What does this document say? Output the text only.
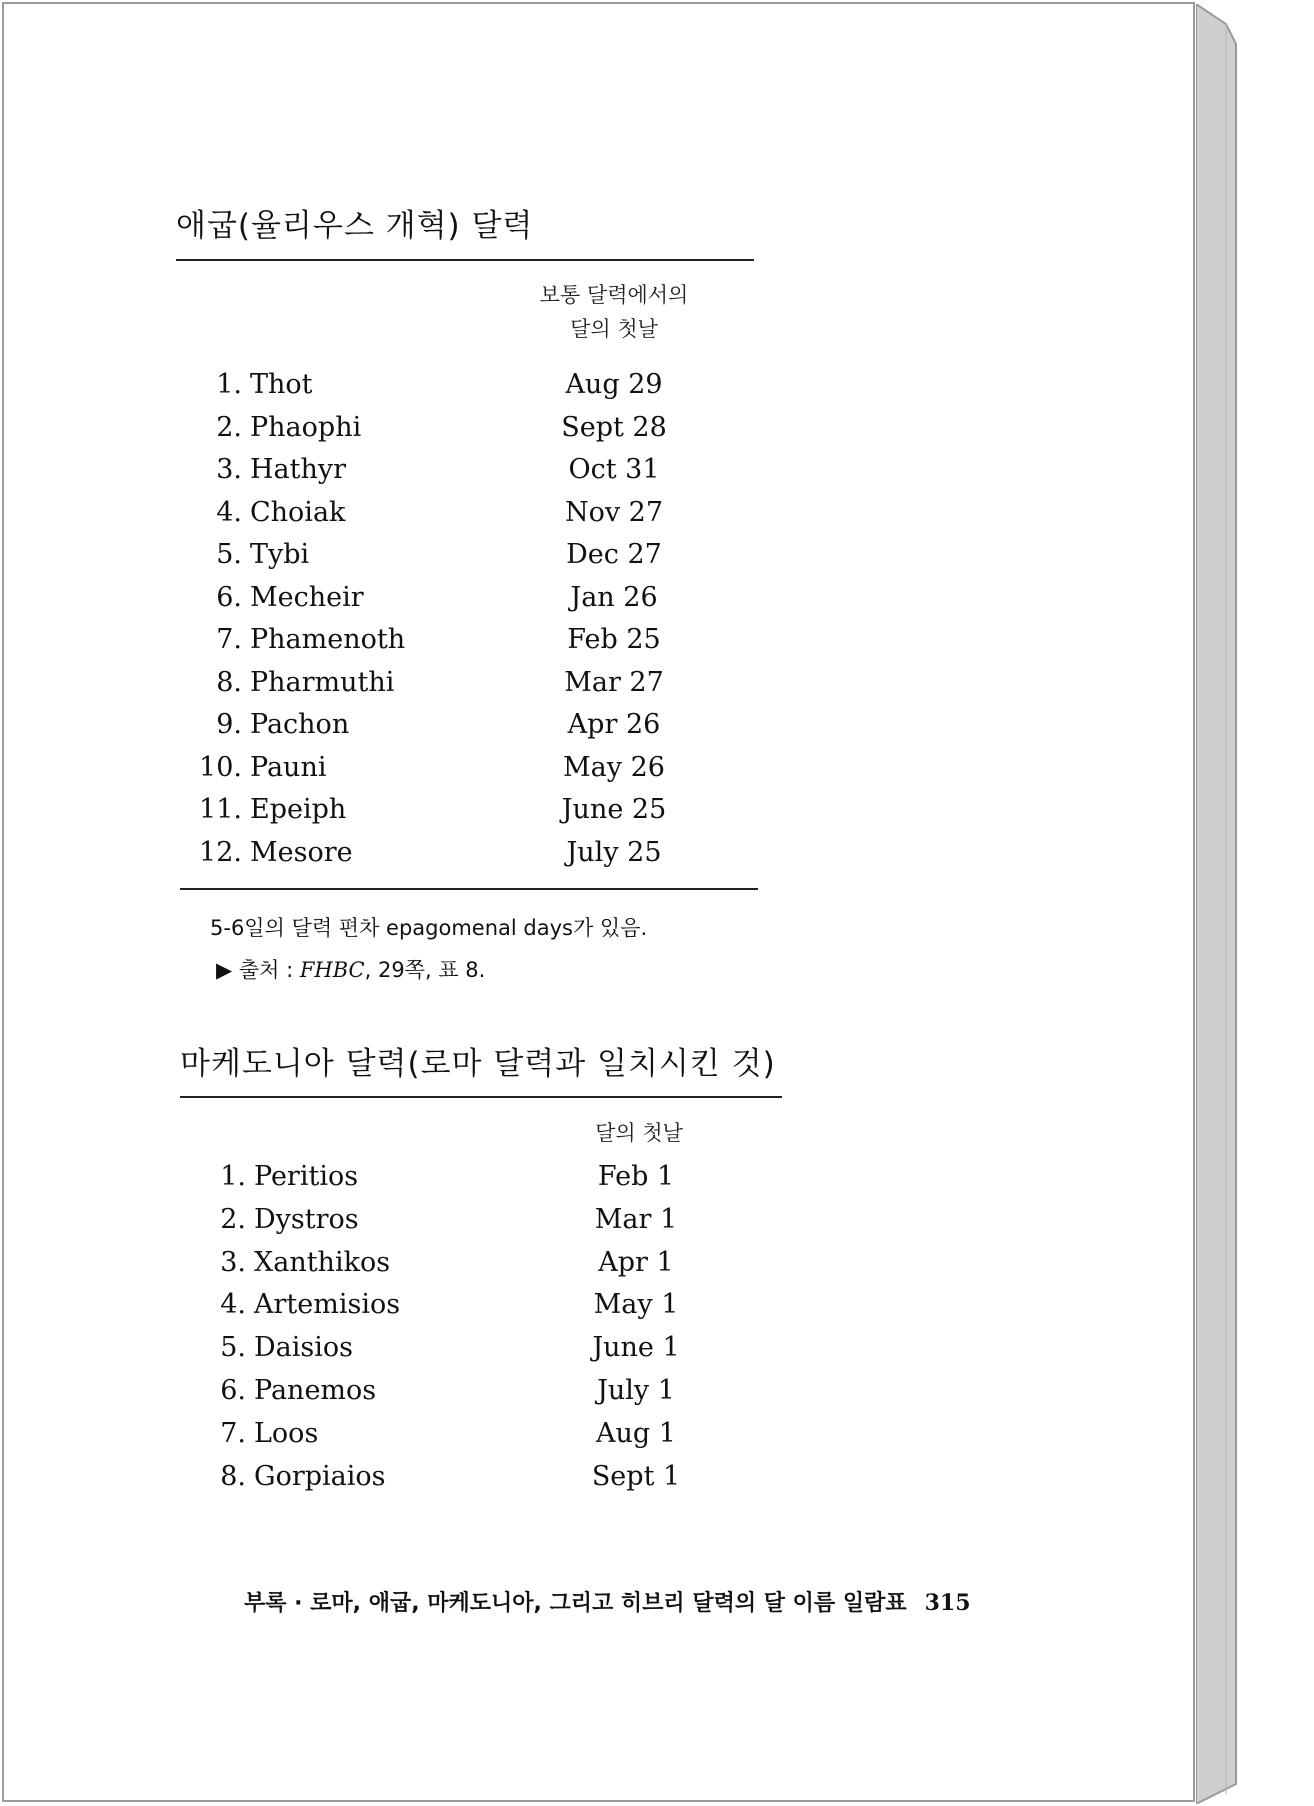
애굽(율리우스 개혁) 달력
보통 달력에서의
달의 첫날
1. Thot	Aug 29
2. Phaophi	Sept 28
3. Hathyr	Oct 31
4. Choiak	Nov 27
5. Tybi	Dec 27
6. Mecheir	Jan 26
7. Phamenoth	Feb 25
8. Pharmuthi	Mar 27
9. Pachon	Apr 26
10. Pauni	May 26
11. Epeiph	June 25
12. Mesore	July 25
5-6일의 달력 편차 epagomenal days가 있음.
▶ 출처 : FHBC, 29쪽, 표 8.
마케도니아 달력(로마 달력과 일치시킨 것)
달의 첫날
1. Peritios	Feb 1
2. Dystros	Mar 1
3. Xanthikos	Apr 1
4. Artemisios	May 1
5. Daisios	June 1
6. Panemos	July 1
7. Loos	Aug 1
8. Gorpiaios	Sept 1
부록 · 로마, 애굽, 마케도니아, 그리고 히브리 달력의 달 이름 일람표 315
